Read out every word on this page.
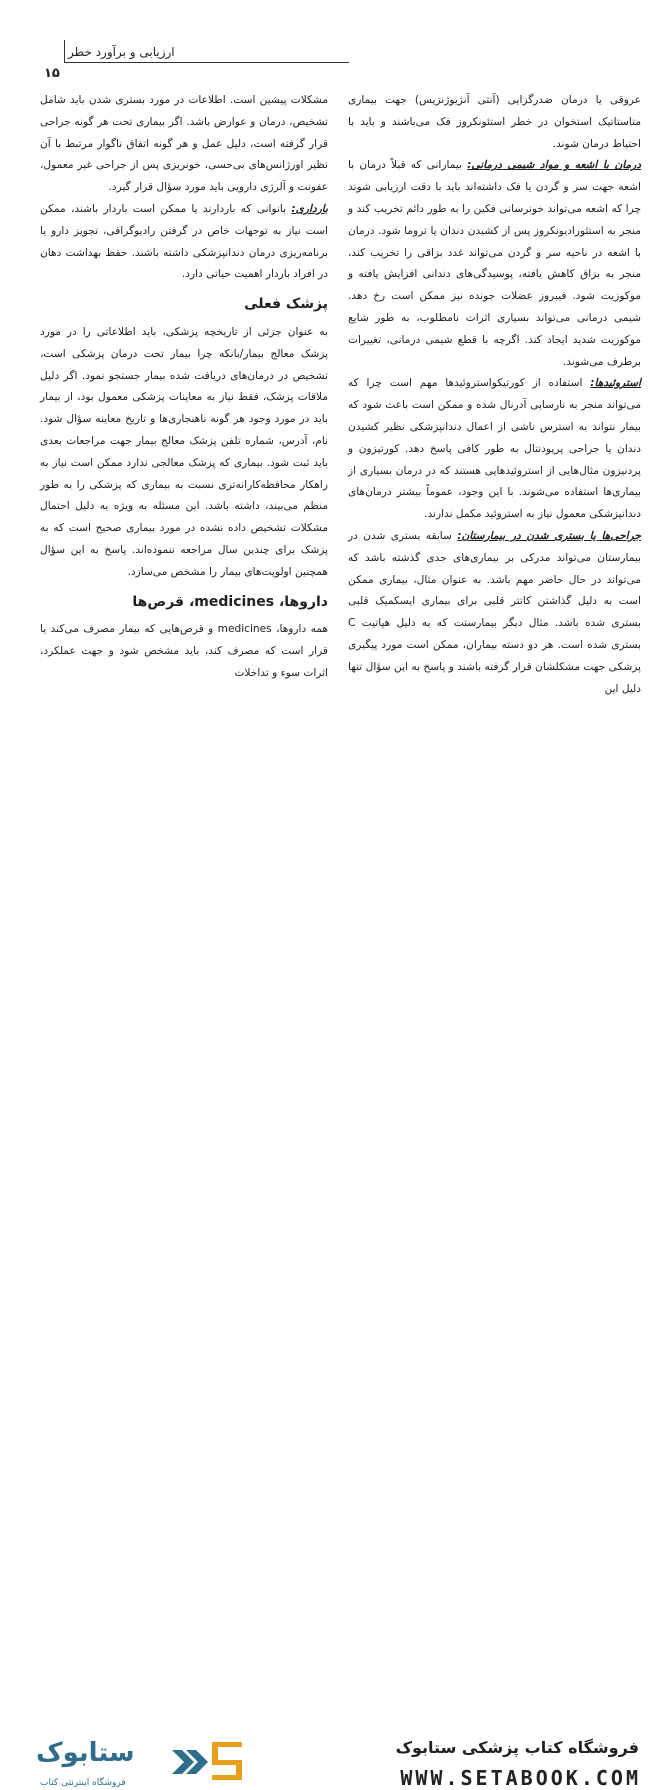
ارزیابی و برآورد خطر
۱۵

عروقی یا درمان ضدرگزایی (آنتی آنژیوژنزیس) جهت بیماری متاستاتیک استخوان در خطر استئونکروز فک می‌باشند و باید با احتیاط درمان شوند.

درمان با اشعه و مواد شیمی درمانی: بیمارانی که قبلاً درمان با اشعه جهت سر و گردن یا فک داشته‌اند باید با دقت ارزیابی شوند چرا که اشعه می‌تواند خونرسانی فکین را به طور دائم تخریب کند و منجر به استئورادیونکروز پس از کشیدن دندان یا تروما شود. درمان با اشعه در ناحیه سر و گردن می‌تواند غدد بزاقی را تخریب کند، منجر به بزاق کاهش یافته، پوسیدگی‌های دندانی افزایش یافته و موکوزیت شود. فیبروز عضلات جونده نیز ممکن است رخ دهد. شیمی درمانی می‌تواند بسیاری اثرات نامطلوب، به طور شایع موکوزیت شدید ایجاد کند. اگرچه با قطع شیمی درمانی، تغییرات برطرف می‌شوند.

استروئیدها: استفاده از کورتیکواستروئیدها مهم است چرا که می‌تواند منجر به نارسایی آدرنال شده و ممکن است باعث شود که بیمار نتواند به استرس ناشی از اعمال دندانپزشکی نظیر کشیدن دندان یا جراحی پریودنتال به طور کافی پاسخ دهد. کورتیزون و پردنیزون مثال‌هایی از استروئیدهایی هستند که در درمان بسیاری از بیماری‌ها استفاده می‌شوند. با این وجود، عموماً بیشتر درمان‌های دندانپزشکی معمول نیاز به استروئید مکمل ندارند.

جراحی‌ها یا بستری شدن در بیمارستان: سابقه بستری شدن در بیمارستان می‌تواند مدرکی بر بیماری‌های جدی گذشته باشد که می‌تواند در حال حاضر مهم باشد. به عنوان مثال، بیماری ممکن است به دلیل گذاشتن کاتتر قلبی برای بیماری ایسکمیک قلبی بستری شده باشد. مثال دیگر بیمارستت که به دلیل هپاتیت C بستری شده است. هر دو دسته بیماران، ممکن است مورد پیگیری پزشکی جهت مشکلشان قرار گرفته باشند و پاسخ به این سؤال تنها دلیل این

مشکلات پیشین است. اطلاعات در مورد بستری شدن باید شامل تشخیص، درمان و عوارض باشد. اگر بیماری تحت هر گونه جراحی قرار گرفته است، دلیل عمل و هر گونه اتفاق ناگوار مرتبط با آن نظیر اورژانس‌های بی‌حسی، خونریزی پس از جراحی غیر معمول، عفونت و آلرژی دارویی باید مورد سؤال قرار گیرد.

بارداری: بانوانی که باردارند یا ممکن است باردار باشند، ممکن است نیاز به توجهات خاص در گرفتن رادیوگرافی، تجویز دارو یا برنامه‌ریزی درمان دندانپزشکی داشته باشند. حفظ بهداشت دهان در افراد باردار اهمیت حیاتی دارد.

پزشک فعلی

به عنوان جزئی از تاریخچه پزشکی، باید اطلاعاتی را در مورد پزشک معالج بیمار/بانکه چرا بیمار تحت درمان پزشکی است، تشخیص در درمان‌های دریافت شده بیمار جستجو نمود. اگر دلیل ملاقات پزشک، فقط نیاز به معاینات پزشکی معمول بود، از بیمار باید در مورد وجود هر گونه ناهنجاری‌ها و تاریخ معاینه سؤال شود. نام، آدرس، شماره تلفن پزشک معالج بیمار جهت مراجعات بعدی باید ثبت شود. بیماری که پزشک معالجی ندارد ممکن است نیاز به راهکار محافظه‌کارانه‌تری نسبت به بیماری که پزشکی را به طور منظم می‌بیند، داشته باشد. این مسئله به ویژه به دلیل احتمال مشکلات تشخیص داده نشده در مورد بیماری صحیح است که به پزشک برای چندین سال مراجعه ننموده‌اند. پاسخ به این سؤال همچنین اولویت‌های بیمار را مشخص می‌سازد.

داروها، medicines، قرص‌ها

همه داروها، medicines و قرص‌هایی که بیمار مصرف می‌کند یا قرار است که مصرف کند، باید مشخص شود و جهت عملکرد، اثرات سوء و تداخلات

ستابوک
فروشگاه اینترنتی کتاب
فروشگاه کتاب پزشکی ستابوک
WWW.SETABOOK.COM
